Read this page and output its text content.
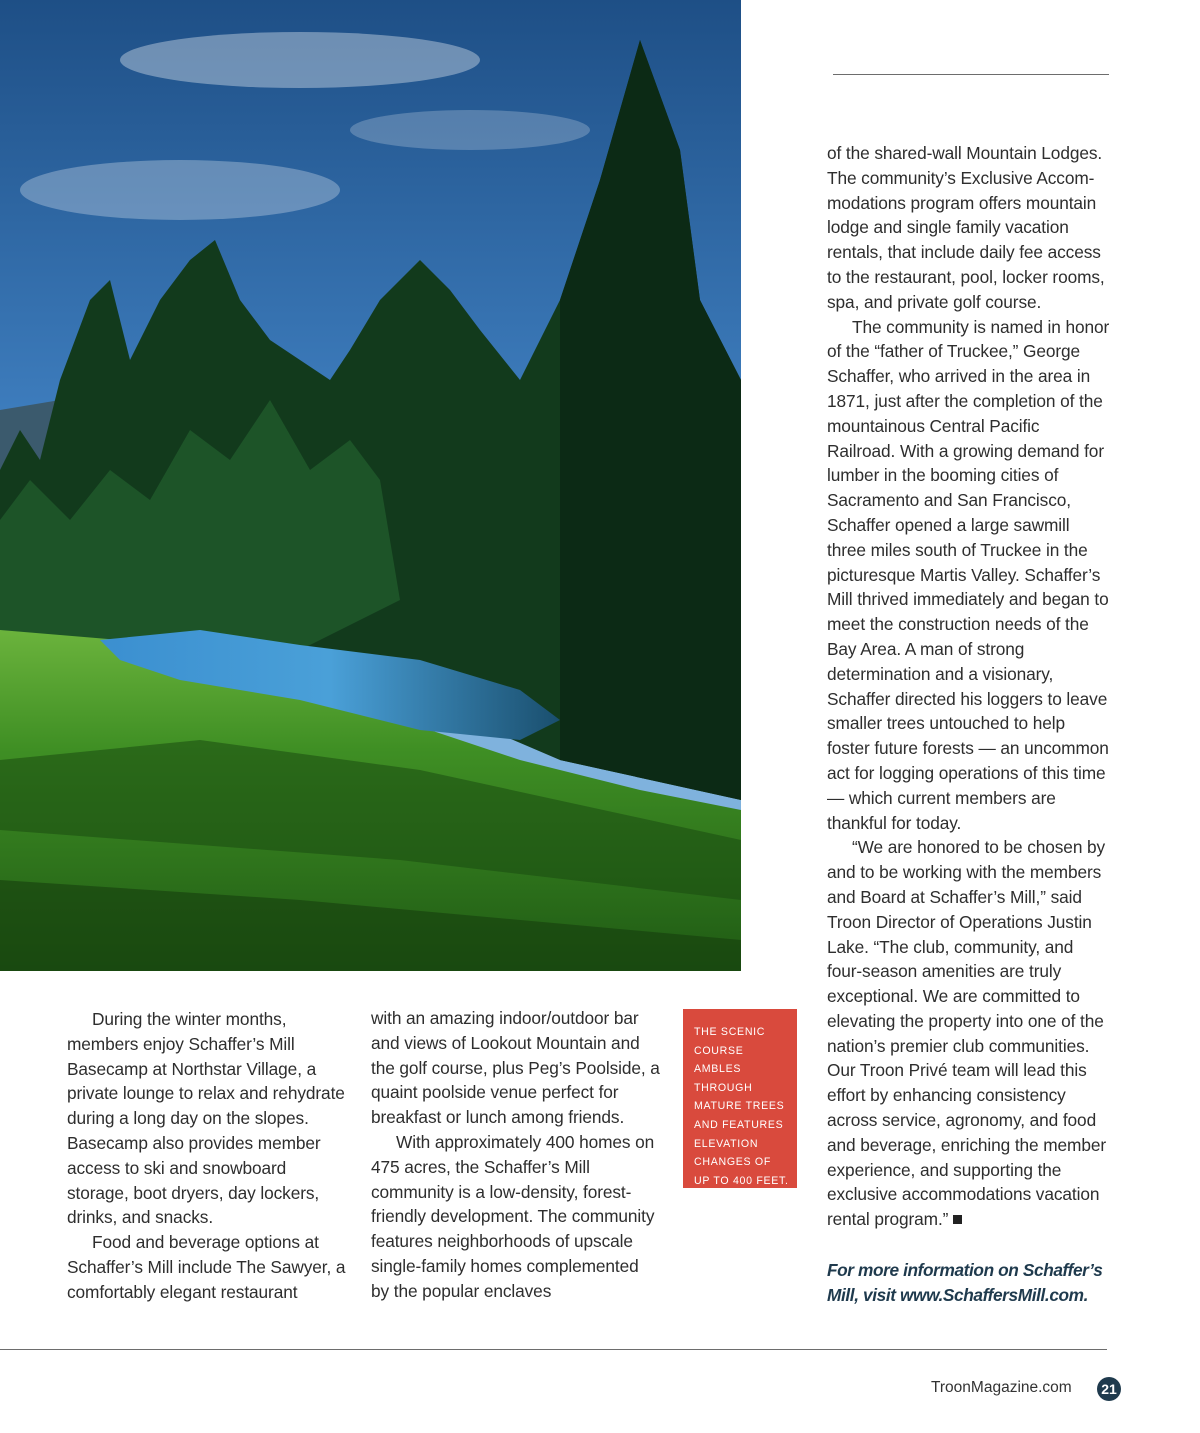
During the winter months, members enjoy Schaffer’s Mill Basecamp at Northstar Village, a private lounge to relax and rehydrate during a long day on the slopes. Basecamp also provides member access to ski and snowboard storage, boot dryers, day lockers, drinks, and snacks.

Food and beverage options at Schaffer’s Mill include The Sawyer, a comfortably elegant restaurant

with an amazing indoor/outdoor bar and views of Lookout Mountain and the golf course, plus Peg’s Poolside, a quaint poolside venue perfect for breakfast or lunch among friends.

With approximately 400 homes on 475 acres, the Schaffer’s Mill community is a low-density, forest-friendly development. The community features neighborhoods of upscale single-family homes complemented by the popular enclaves

THE SCENIC COURSE AMBLES THROUGH MATURE TREES AND FEATURES ELEVATION CHANGES OF UP TO 400 FEET.

of the shared-wall Mountain Lodges. The community’s Exclusive Accommodations program offers mountain lodge and single family vacation rentals, that include daily fee access to the restaurant, pool, locker rooms, spa, and private golf course.

The community is named in honor of the “father of Truckee,” George Schaffer, who arrived in the area in 1871, just after the completion of the mountainous Central Pacific Railroad. With a growing demand for lumber in the booming cities of Sacramento and San Francisco, Schaffer opened a large sawmill three miles south of Truckee in the picturesque Martis Valley. Schaffer’s Mill thrived immediately and began to meet the construction needs of the Bay Area. A man of strong determination and a visionary, Schaffer directed his loggers to leave smaller trees untouched to help foster future forests — an uncommon act for logging operations of this time — which current members are thankful for today.

“We are honored to be chosen by and to be working with the members and Board at Schaffer’s Mill,” said Troon Director of Operations Justin Lake. “The club, community, and four-season amenities are truly exceptional. We are committed to elevating the property into one of the nation’s premier club communities. Our Troon Privé team will lead this effort by enhancing consistency across service, agronomy, and food and beverage, enriching the member experience, and supporting the exclusive accommodations vacation rental program.”

For more information on Schaffer’s Mill, visit www.SchaffersMill.com.
TroonMagazine.com	21
